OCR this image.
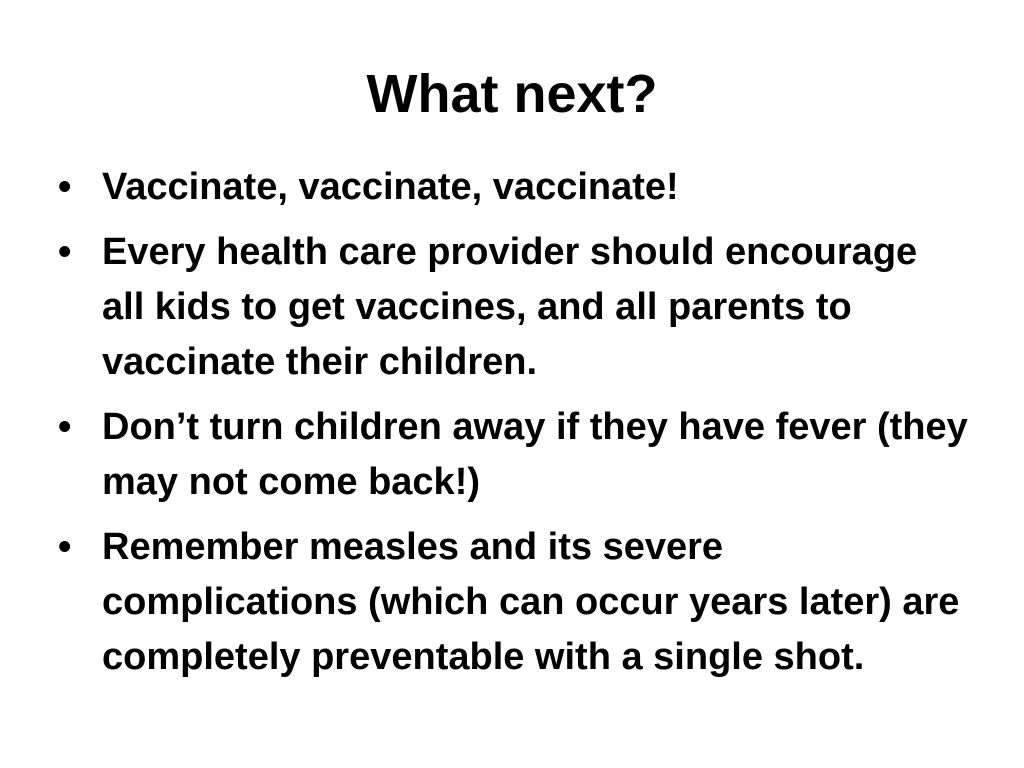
What next?
• Vaccinate, vaccinate, vaccinate!
• Every health care provider should encourage all kids to get vaccines, and all parents to vaccinate their children.
• Don’t turn children away if they have fever (they may not come back!)
• Remember measles and its severe complications (which can occur years later) are completely preventable with a single shot.
